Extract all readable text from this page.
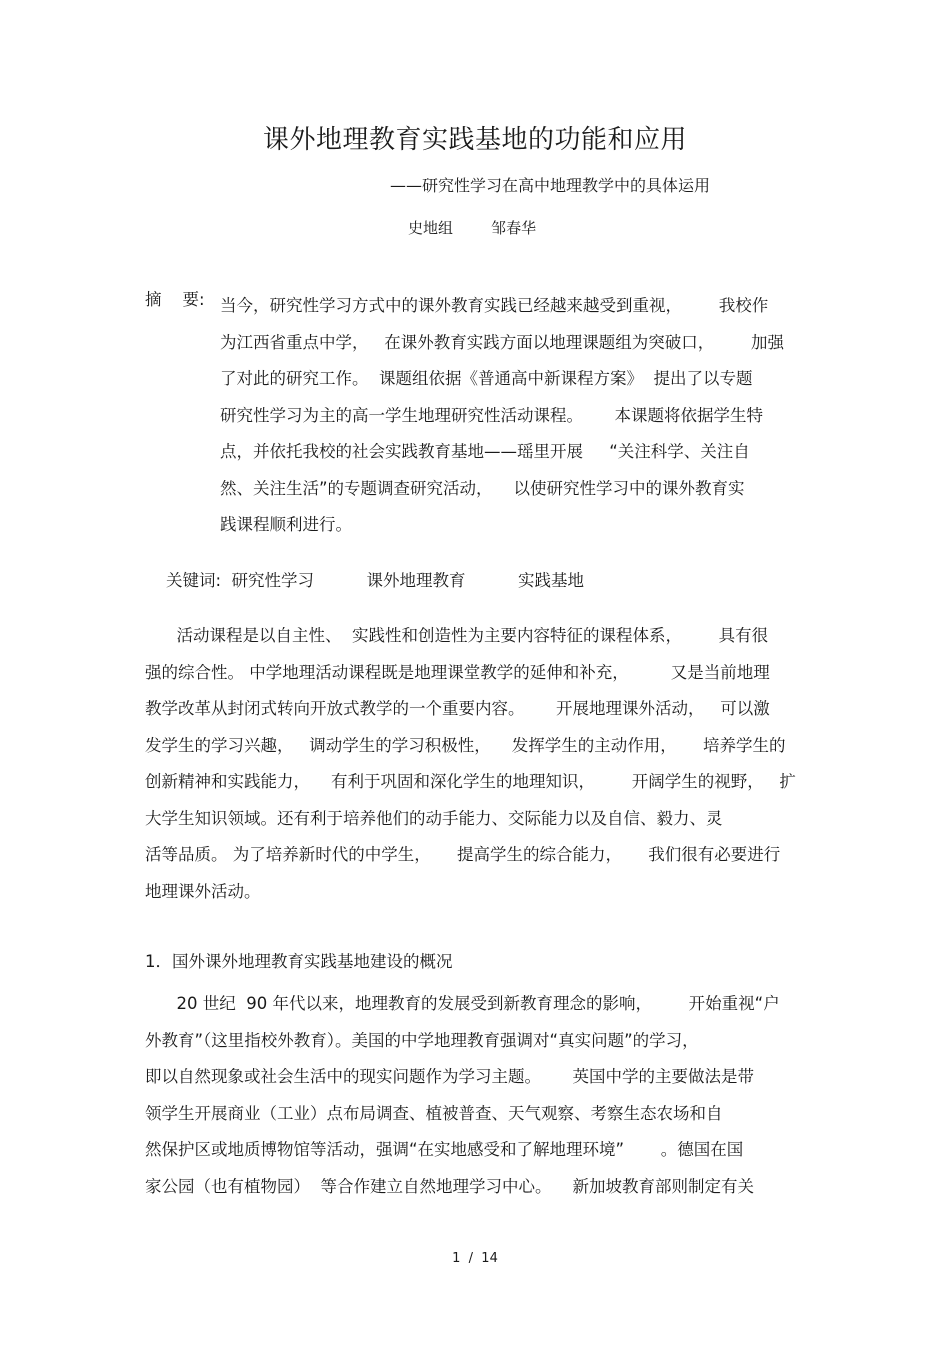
课外地理教育实践基地的功能和应用
——研究性学习在高中地理教学中的具体运用
史地组        邹春华
摘    要: 当今，研究性学习方式中的课外教育实践已经越来越受到重视，       我校作
为江西省重点中学，   在课外教育实践方面以地理课题组为突破口，       加强
了对此的研究工作。  课题组依据《普通高中新课程方案》  提出了以专题
研究性学习为主的高一学生地理研究性活动课程。      本课题将依据学生特
点，并依托我校的社会实践教育基地——瑶里开展     “关注科学、关注自
然、关注生活”的专题调查研究活动，    以使研究性学习中的课外教育实
践课程顺利进行。

关键词: 研究性学习	课外地理教育	实践基地

活动课程是以自主性、  实践性和创造性为主要内容特征的课程体系，       具有很
强的综合性。 中学地理活动课程既是地理课堂教学的延伸和补充，        又是当前地理
教学改革从封闭式转向开放式教学的一个重要内容。      开展地理课外活动，   可以激
发学生的学习兴趣，   调动学生的学习积极性，    发挥学生的主动作用，     培养学生的
创新精神和实践能力，    有利于巩固和深化学生的地理知识，       开阔学生的视野，   扩
大学生知识领域。还有利于培养他们的动手能力、交际能力以及自信、毅力、灵
活等品质。 为了培养新时代的中学生，     提高学生的综合能力，     我们很有必要进行
地理课外活动。
1．国外课外地理教育实践基地建设的概况
20 世纪  90 年代以来，地理教育的发展受到新教育理念的影响，       开始重视“户
外教育”（这里指校外教育）。美国的中学地理教育强调对“真实问题”的学习，
即以自然现象或社会生活中的现实问题作为学习主题。      英国中学的主要做法是带
领学生开展商业（工业）点布局调查、植被普查、天气观察、考察生态农场和自
然保护区或地质博物馆等活动，强调“在实地感受和了解地理环境”       。德国在国
家公园（也有植物园）  等合作建立自然地理学习中心。    新加坡教育部则制定有关
1  /  14
